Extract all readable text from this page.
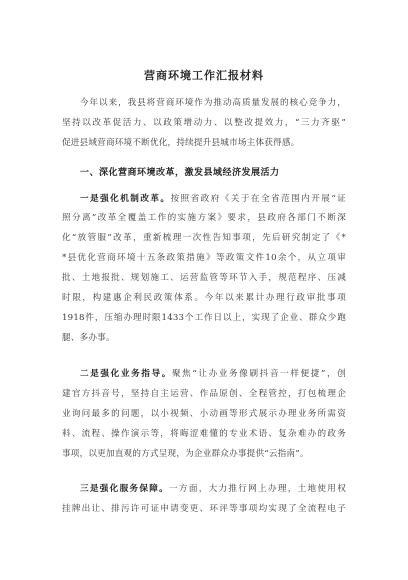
营商环境工作汇报材料
今年以来，我县将营商环境作为推动高质量发展的核心竞争力，
坚持以改革促活力、以政策增动力、以整改提效力，“三力齐驱”
促进县域营商环境不断优化，持续提升县城市场主体获得感。
一、深化营商环境改革，激发县域经济发展活力
一是强化机制改革。按照省政府《关于在全省范围内开展“证
照分离”改革全覆盖工作的实施方案》要求，县政府各部门不断深
化“放管服”改革，重新梳理一次性告知事项，先后研究制定了《*
*县优化营商环境十五条政策措施》等政策文件10余个，从立项审
批、土地报批、规划施工、运营监管等环节入手，规范程序、压减
时限，构建惠企利民政策体系。今年以来累计办理行政审批事项
1918件，压缩办理时限1433个工作日以上，实现了企业、群众少跑
腿、多办事。
二是强化业务指导。聚焦“让办业务像刷抖音一样便捷”，创
建官方抖音号，坚持自主运营、作品原创、全程管控，打包梳理企
业询问最多的问题，以小视频、小动画等形式展示办理业务所需资
料、流程、操作演示等，将晦涩难懂的专业术语、复杂难办的政务
事项，以更加直观的方式呈现，为企业群众办事提供“云指南”。
三是强化服务保障。一方面，大力推行网上办理，土地使用权
挂牌出让、排污许可证申请变更、环评等事项均实现了全流程电子
